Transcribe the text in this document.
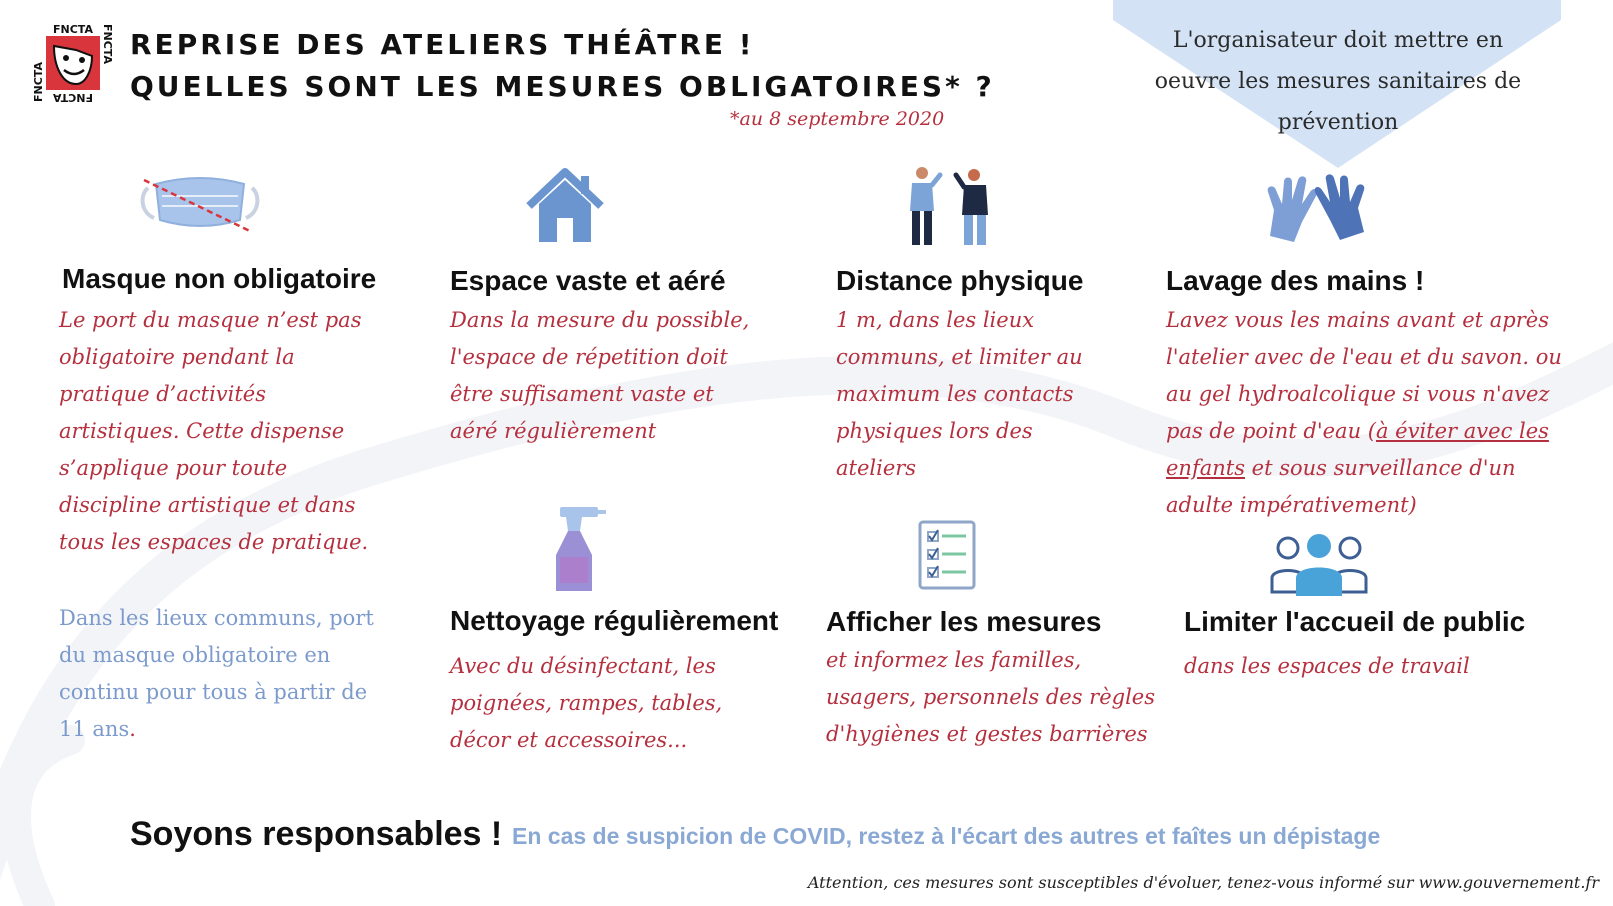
FNCTA
FNCTA
FNCTA
FNCTA REPRISE DES ATELIERS THÉÂTRE !
QUELLES SONT LES MESURES OBLIGATOIRES* ?
*au 8 septembre 2020
L'organisateur doit mettre en oeuvre les mesures sanitaires de prévention
Masque non obligatoire

Le port du masque n’est pas obligatoire pendant la pratique d’activités artistiques. Cette dispense s’applique pour toute discipline artistique et dans tous les espaces de pratique.

Dans les lieux communs, port du masque obligatoire en continu pour tous à partir de 11 ans.

Espace vaste et aéré

Dans la mesure du possible, l'espace de répetition doit être suffisament vaste et aéré régulièrement

Distance physique

1 m, dans les lieux communs, et limiter au maximum les contacts physiques lors des ateliers

Lavage des mains !

Lavez vous les mains avant et après l'atelier avec de l'eau et du savon. ou au gel hydroalcolique si vous n'avez pas de point d'eau (à éviter avec les enfants et sous surveillance d'un adulte impérativement)

Nettoyage régulièrement

Avec du désinfectant, les poignées, rampes, tables, décor et accessoires...

Afficher les mesures

et informez les familles, usagers, personnels des règles d'hygiènes et gestes barrières

Limiter l'accueil de public

dans les espaces de travail

Soyons responsables ! En cas de suspicion de COVID, restez à l'écart des autres et faîtes un dépistage

Attention, ces mesures sont susceptibles d'évoluer, tenez-vous informé sur www.gouvernement.fr
